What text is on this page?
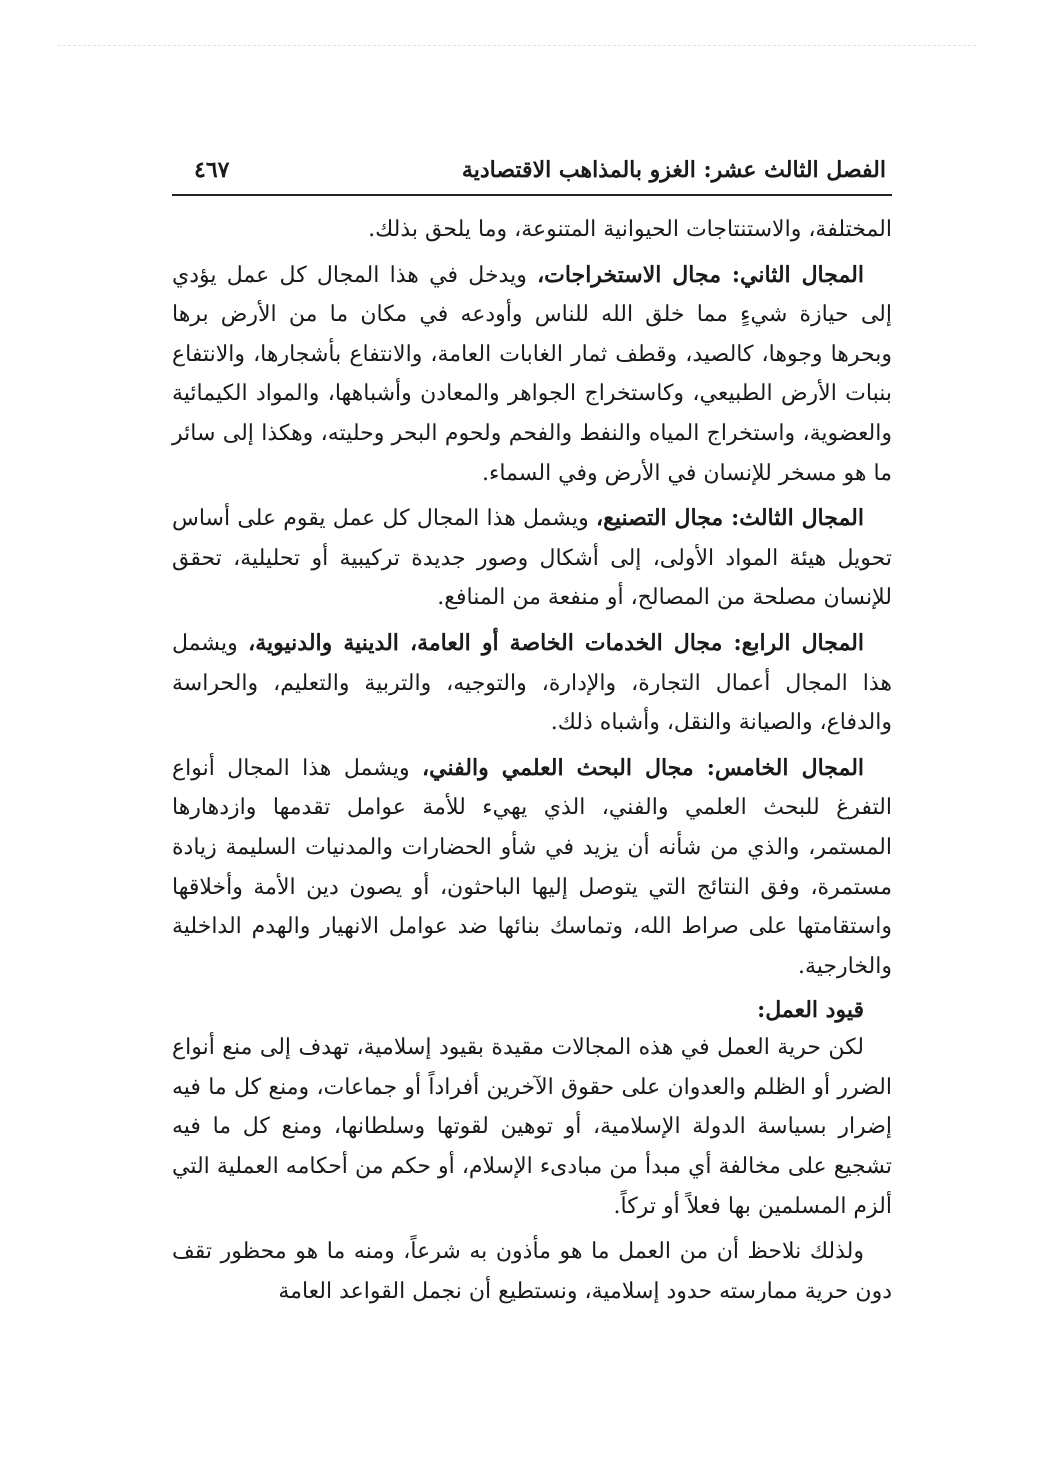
الفصل الثالث عشر: الغزو بالمذاهب الاقتصادية
٤٦٧

المختلفة، والاستنتاجات الحيوانية المتنوعة، وما يلحق بذلك.

المجال الثاني: مجال الاستخراجات، ويدخل في هذا المجال كل عمل يؤدي إلى حيازة شيءٍ مما خلق الله للناس وأودعه في مكان ما من الأرض برها وبحرها وجوها، كالصيد، وقطف ثمار الغابات العامة، والانتفاع بأشجارها، والانتفاع بنبات الأرض الطبيعي، وكاستخراج الجواهر والمعادن وأشباهها، والمواد الكيمائية والعضوية، واستخراج المياه والنفط والفحم ولحوم البحر وحليته، وهكذا إلى سائر ما هو مسخر للإنسان في الأرض وفي السماء.

المجال الثالث: مجال التصنيع، ويشمل هذا المجال كل عمل يقوم على أساس تحويل هيئة المواد الأولى، إلى أشكال وصور جديدة تركيبية أو تحليلية، تحقق للإنسان مصلحة من المصالح، أو منفعة من المنافع.

المجال الرابع: مجال الخدمات الخاصة أو العامة، الدينية والدنيوية، ويشمل هذا المجال أعمال التجارة، والإدارة، والتوجيه، والتربية والتعليم، والحراسة والدفاع، والصيانة والنقل، وأشباه ذلك.

المجال الخامس: مجال البحث العلمي والفني، ويشمل هذا المجال أنواع التفرغ للبحث العلمي والفني، الذي يهيء للأمة عوامل تقدمها وازدهارها المستمر، والذي من شأنه أن يزيد في شأو الحضارات والمدنيات السليمة زيادة مستمرة، وفق النتائج التي يتوصل إليها الباحثون، أو يصون دين الأمة وأخلاقها واستقامتها على صراط الله، وتماسك بنائها ضد عوامل الانهيار والهدم الداخلية والخارجية.

قيود العمل:

لكن حرية العمل في هذه المجالات مقيدة بقيود إسلامية، تهدف إلى منع أنواع الضرر أو الظلم والعدوان على حقوق الآخرين أفراداً أو جماعات، ومنع كل ما فيه إضرار بسياسة الدولة الإسلامية، أو توهين لقوتها وسلطانها، ومنع كل ما فيه تشجيع على مخالفة أي مبدأ من مبادىء الإسلام، أو حكم من أحكامه العملية التي ألزم المسلمين بها فعلاً أو تركاً.

ولذلك نلاحظ أن من العمل ما هو مأذون به شرعاً، ومنه ما هو محظور تقف دون حرية ممارسته حدود إسلامية، ونستطيع أن نجمل القواعد العامة
